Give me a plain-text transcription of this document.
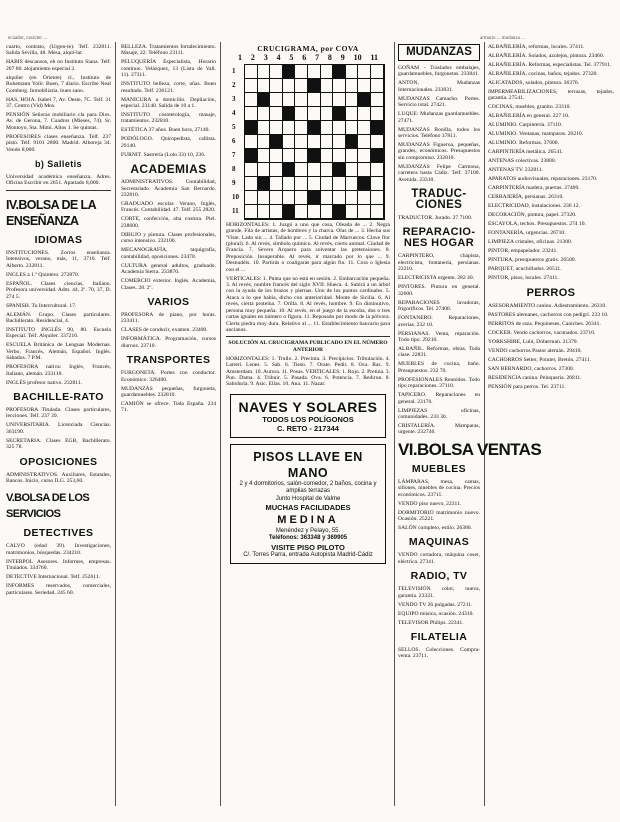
ecuador, carácter ...	armario ... mudanza ...

cuarto, contrato, (Urgen-te). Telf. 232811. Salida Sevilla, 48. Mesa, alqui-lar.

HABIS descansos, eh no Instituto Siana. Telf. 207 80. alojamiento especial 2.

alquiler (en Oriente) cl., Instituto de Ruhemann Yolir. Buen, 7 diario. Escribe Neal Gomberg. Inmobiliaria. buen sano.

HAS, HOJA. Isabel 7, Av. Oeste, 7C. Telf. 31 37. Centro (Vid) Mos.

PENSIÓN Señoras mobiliario cla para Dios. Av. de Gerona, 7. Cuadros (Mieses, 74). Sr. Montoyo, Sta. Mimi. Altos 1. Se quintas.

PROFESORES clases enseñanza. Telf. 237 pisto. Telf. 9101 2800. Madrid. Alboreja 34. Vendo 8,000.

b) Salletis

Universidad académica enseñanza. Adres. Oficina Escribir en 2651. Apartado 8,000.

IV.BOLSA DE LA ENSEÑANZA
IDIOMAS

INSTITUCIONES. Zorros enseñanza. Intensivos, verano, más, 11, 3710. Telf. Alberto. 232811.

INGLES a 1.ª Quintero. 272870.

ESPAÑOL. Clases ciencias, Italiano. Profesora universidad. Adm. 44, 2º. 70, 37, D. 274 5.

SPANISH. Tu Intercultural. 17.

ALEMÁN. Grupo. Clases particulares. Bachillerato. Residencial, 4.

INSTITUTO INGLÉS 90, 80. Escuela Especial. Telf. Alquiler. 337210.

ESCUELA Británica de Lenguas Modernas. Verbo, Francés, Alemán, Español. Inglés. Sábados. 7 P.M.

PROFESORA nativa: Inglés, Francés, Italiano, alemán. 233110.

INGLÉS profesor nativo. 232811.

BACHILLE-RATO

PROFESORA Titulada. Clases particulares, lecciones. Telf. 237 39.

UNIVERSITARIA. Licenciada Ciencias. 363190.

SECRETARIA. Clases EGB, Bachillerato. 325 78.

OPOSICIONES

ADMINISTRATIVOS. Auxiliares, Estatales, Bancos. Inicio, curso ILG. 253,60.

V.BOLSA DE LOS SERVICIOS
DETECTIVES

CALVO (edad 39). Investigaciones, matrimonios, búsquedas. 234210.

INTERPOL Asesores. Informes, empresas. Titulados. 334760.

DETECTIVE Internacional. Telf. 252611.

INFORMES reservados, comerciales, particulares. Seriedad. 245 60.

BELLEZA. Tratamientos fortalecimiento. Masaje, 22. Teléfono 23111.

PELUQUERÍA Especialista, Horario continuo. Velázquez, 13 (Lista de Vall. 11). 27311.

INSTITUTO belleza, corte, uñas. Buen resultado. Telf. 236121.

MANICURA a domicilio. Depilación, especial. 23140. Salida de 10 a 1.

INSTITUTO cosmetología, masaje, tratamientos. 232810.

ESTÉTICA 37 años. Buen hora, 27140.

PODÓLOGO. Quiropedista, callista. 29140.

FURNIT. Sastrería (Lolo 33) 10, 236.

ACADEMIAS

ADMINISTRATIVOS. Contabilidad, Secretariado. Academia San Bernardo. 232810.

GRADUADO escolar. Verano, Inglés, Francés. Contabilidad. 47. Telf. 255 2820.

CORTE, confección, alta costura. Piel. 238600.

DIBUJO y pintura. Clases profesionales, curso intensivo. 232100.

MECANOGRAFÍA, taquigrafía, contabilidad, oposiciones. 23470.

CULTURA general adultos, graduado. Academia Sierra. 233870.

COMERCIO exterior. Inglés. Academia, Clases. 28. 2º.

VARIOS

PROFESORA de piano, por horas. 233411.

CLASES de conducir, examen. 23400.

INFORMÁTICA. Programación, cursos diurnos. 23710.

TRANSPORTES

FURGONETA. Portes con conductor. Económico. 326400.

MUDANZAS pequeñas, furgoneta, guardamuebles. 232810.

CAMIÓN se ofrece. Toda España. 234 71.

CRUCIGRAMA, por COVA
1 2 3 4 5 6 7 8 9 10 11
1
2
3
4
5
6
7
8
9
10
11

HORIZONTALES: 1. Juzgó a uno que cosa, Oleada de ... 2. Negra grande. Fila de artistas, de hombres y la charca. Olas de ... 3. Hecha sus 'Viste. Lado sin ... 4. Tallado por ... 5. Ciudad de Marruecos. Clave flor (plural). 6. Al revés, símbolo químico. Al revés, cierto animal. Ciudad de Francia. 7. Severo Arquero para solventar las pretensiones. 8. Preposición. Insuperable. Al revés, ir marcado por lo que ... 9. Desnudéis. 10. Partirás o coaligarás para algún fin. 11. Cora o Iglesia con el ...

VERTICALES: 1. Punta que no está en sesión. 2. Embarcación pequeña. 3. Al revés, nombre francés del siglo XVII. Hueca. 4. Subirá a un árbol con la ayuda de los brazos y piernas. Uno de los puntos cardinales. 5. Ataca a lo que había, dicho con anterioridad. Monte de Sicilia. 6. Al revés, cierta proteína. 7. Orilla. 8. Al revés, hombre. 9. En diminutivo, persona muy pequeña. 10. Al revés, en el juego de la escoba, dos o tres cartas iguales en número o figura. 11. Reposado por modo de la pólvora. Cierta piedra muy dura. Relativo al ... 11. Establecimiento bancario para ancianos.

SOLUCIÓN AL CRUCIGRAMA PUBLICADO EN EL NÚMERO ANTERIOR

HORIZONTALES: 1. Trullo. 2. Precinta. 3. Precipicios. Tribulación. 4. Latreri. Lenes. 5. Sab. 6. Tieso. 7. Orate. Pedir. 8. Oca. Rac. 9. Amsterdam. 10. Aurora. 11. Posas. VERTICALES: 1. Rojo. 2. Pretina. 3. Pun. Dama. 4. Tribuir. 5. Pasada. Ova. 6. Potencia. 7. Rediron. 8. Sabiduría. 9. Asic. Ellas. 10. Ana. 11. Nazar.

NAVES Y SOLARES
TODOS LOS POLÍGONOS
C. RETO - 217344
PISOS LLAVE EN MANO
2 y 4 dormitorios, salón-comedor, 2 baños, cocina y amplias terrazas
Junto Hospital de Valme
MUCHAS FACILIDADES
MEDINA
Menéndez y Pelayo, 55.
Teléfonos: 363348 y 369905
VISITE PISO PILOTO
C/. Torres Parra, entrada Autopista Madrid-Cádiz
MUDANZAS

GOÑAM - Traslados embalajes, guardamuebles, furgonetas. 233841.

ANTON, Mudanzas Internacionales. 233831.

MUDANZAS Camacho. Portes. Servicio total. 27421.

LUQUE: Mudanzas guardamuebles. 27471.

MUDANZAS Bonilla, todos los servicios. Teléfono 37811.

MUDANZAS Figueroa, pequeñas, grandes, económicos. Presupuestos sin compromiso. 232810.

MUDANZAS Felipe Carmona, carretera hasta Cádiz. Telf. 37100. Avenida. 23310.

TRADUC-CIONES

TRADUCTOR. Jurado. 27 7100.

REPARACIO-NES HOGAR

CARPINTERO, chapista, electricista, fontanería, persianas. 23210.

ELECTRICISTA urgente. 282 40.

PINTORES. Pintura en general. 32600.

REPARACIONES lavadoras, frigoríficos. Tel. 27400.

FONTANERO. Reparaciones, averías. 232 10.

PERSIANAS. Venta, reparación. Todo tipo. 29210.

ALBAÑIL. Reformas, obras. Toda clase. 22831.

MUEBLES de cocina, baño. Presupuestos. 232 70.

PROFESIONALES Reunidos. Todo tipo reparaciones. 37110.

TAPICERO. Reparaciones en general. 23170.

LIMPIEZAS oficinas, comunidades. 233 30.

CRISTALERÍA. Mamparas, urgente. 232746.

VI.BOLSA VENTAS
MUEBLES

LÁMPARAS, mesa, camas, sillones, muebles de cocina. Precios económicos. 23711.

VENDO piso nuevo, 22311.

DORMITORIO matrimonio nuevo. Ocasión. 25221.

SALÓN completo, estilo. 26380.

MAQUINAS

VENDO cortadora, máquina coser, eléctrica. 27341.

RADIO, TV

TELEVISIÓN color, nueva, garantía. 23321.

VENDO TV 26 pulgadas. 27211.

EQUIPO música, ocasión. 24310.

TELEVISOR Philips. 22341.

FILATELIA

SELLOS. Colecciones. Compra-venta. 23711.

ALBAÑILERÍA, reformas, locales. 37411.

ALBAÑILERÍA. Solados, azulejos, pintura. 23460.

ALBAÑILERÍA. Reformas, especialistas. Tel. 377911.

ALBAÑILERÍA, cocinas, baños, tejados. 27320.

ALICATADOS, solados, pintura. 36370.

IMPERMEABILIZACIONES, terrazas, tejados, garantía. 27541.

COCINAS, muebles, granito. 23310.

ALBAÑILERÍA en general. 227 10.

ALUMINIO. Carpintería. 37110.

ALUMINIO. Ventanas, mamparas. 26210.

ALUMINIO. Reformas. 37600.

CARPINTERÍA metálica. 26541.

ANTENAS colectivas. 23800.

ANTENAS TV. 232811.

APARATOS audiovisuales, reparaciones. 23170.

CARPINTERÍA madera, puertas. 27400.

CERRAJERÍA, persianas. 26310.

ELECTRICIDAD, instalaciones. 236 12.

DECORACIÓN, pintura, papel. 27320.

ESCAYOLA, techos. Presupuestos. 274 10.

FONTANERÍA, urgencias. 26710.

LIMPIEZA cristales, oficinas. 21300.

PINTOR, empapelador. 23241.

PINTURA, presupuestos gratis. 26500.

PARQUET, acuchillados. 26511.

PINTOR, pisos, locales. 27411.

PERROS

ASESORAMIENTO canino. Adiestramiento. 26310.

PASTORES alemanes, cachorros con pedigrí. 233 10.

PERRITOS de raza. Pequineses, Caniches. 26341.

COCKER. Vendo cachorros, vacunados. 23710.

YORKSHIRE, Lulú, Dóberman. 21370.

VENDO cachorros Pastor alemán. 29410.

CACHORROS Setter, Pointer, Bretón. 27411.

SAN BERNARDO, cachorros. 27300.

RESIDENCIA canina. Peluquería. 26811.

PENSIÓN para perros. Tel. 23711.
